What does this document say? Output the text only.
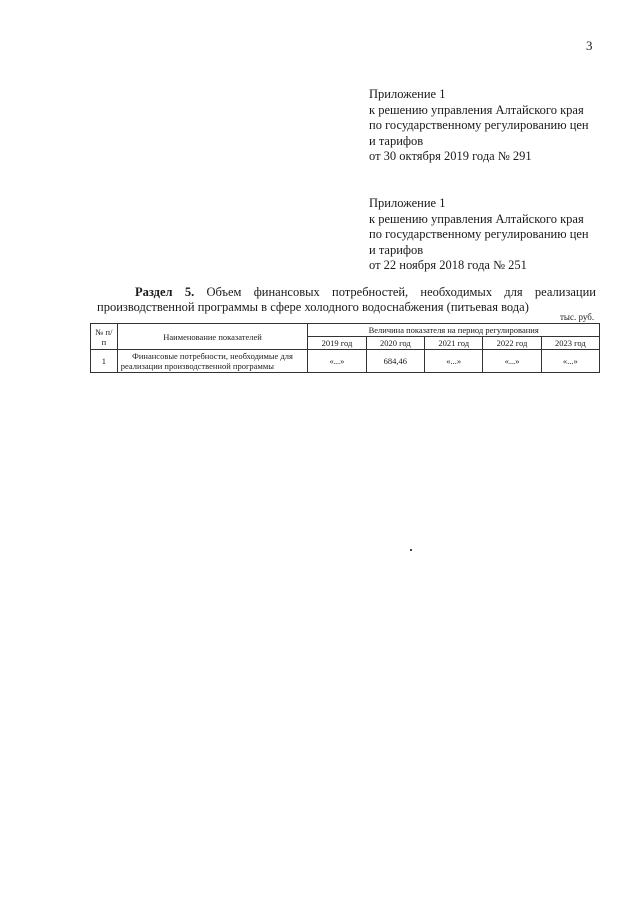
3
Приложение 1
к решению управления Алтайского края
по государственному регулированию цен
и тарифов
от 30 октября 2019 года № 291
Приложение 1
к решению управления Алтайского края
по государственному регулированию цен
и тарифов
от 22 ноября 2018 года № 251
Раздел 5. Объем финансовых потребностей, необходимых для реализации
производственной программы в сфере холодного водоснабжения (питьевая вода)
тыс. руб.
№ п/п	Наименование показателей	Величина показателя на период регулирования				
		2019 год	2020 год	2021 год	2022 год	2023 год
1	Финансовые потребности, необходимые для реализации производственной программы	«...»	684,46	«...»	«...»	«...»
